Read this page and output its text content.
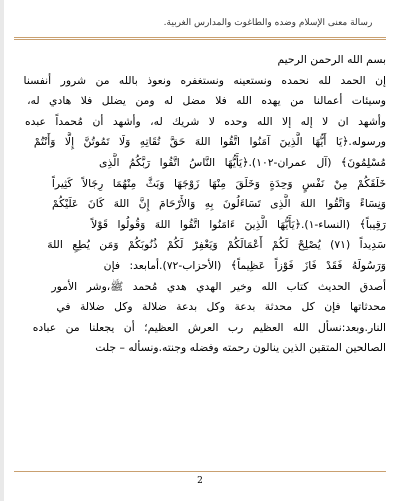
رسالة معنى الإسلام وضده والطاغوت والمدارس الغربية.
بسم الله الرحمن الرحيم
إن الحمد لله نحمده ونستعينه ونستغفره ونعوذ بالله من شرور أنفسنا
وسيئات أعمالنا من يهده الله فلا مضل له ومن يضلل فلا هادي له،
وأشهد ان لا إله إلا الله وحده لا شريك له، وأشهد أن مُحمداً عبده
ورسوله.﴿يَا أَيُّهَا الَّذِينَ آمَنُوا اتَّقُوا اللهَ حَقَّ تُقَاتِهِ وَلَا تَمُوتُنَّ إِلَّا وَأَنْتُمْ
مُسْلِمُونَ﴾ (آل عمران-١٠٢).﴿يَأَيُّهَا النَّاسُ اتَّقُوا رَبَّكُمُ الَّذِى
خَلَقَكُمْ مِنْ نَفْسٍ وَحِدَةٍ وَخَلَقَ مِنْهَا زَوْجَهَا وَبَثَّ مِنْهُمَا رِجَالاً كَثِيراً
وَنِسَاءً وَاتَّقُوا اللهَ الَّذِى تَسَاءَلُونَ بِهِ وَالأَرْحَامَ إِنَّ اللهَ كَانَ عَلَيْكُمْ
رَقِيباً﴾ (النساء-١).﴿يَأَيُّهَا الَّذِينَ ءَامَنُوا اتَّقُوا اللهَ وَقُولُوا قَوْلاً
سَدِيداً (٧١) يُصْلِحْ لَكُمْ أَعْمَالَكُمْ وَيَغْفِرْ لَكُمْ ذُنُوبَكُمْ وَمَن يُطِعِ اللهَ
وَرَسُولَهُ فَقَدْ فَازَ فَوْزاً عَظِيماً﴾ (الأحزاب-٧٢).أمابعد: فإن
أصدق الحديث كتاب الله وخير الهدي هدي مُحمد ﷺ،وشر الأمور
محدثاتها فإن كل محدثة بدعة وكل بدعة ضلالة وكل ضلالة في
النار.وبعد:نسأل الله العظيم رب العرش العظيم؛ أن يجعلنا من عباده
الصالحين المتقين الذين ينالون رحمته وفضله وجنته.ونسأله – جلت
2
